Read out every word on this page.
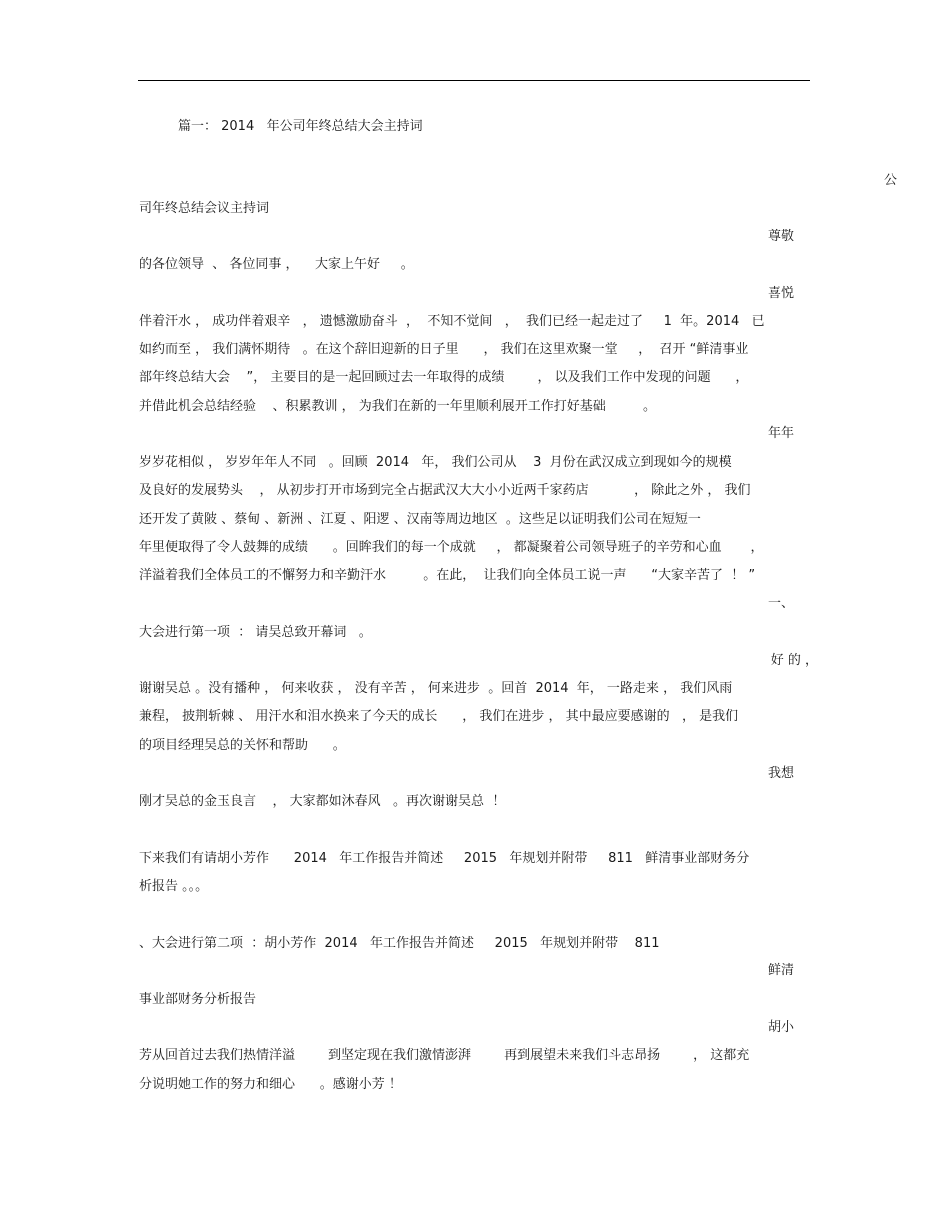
篇一： 2014   年公司年终总结大会主持词
公
司年终总结会议主持词
尊敬
的各位领导  、 各位同事 ，    大家上午好     。
喜悦
伴着汗水 ， 成功伴着艰辛   ， 遗憾激励奋斗  ，  不知不觉间   ，  我们已经一起走过了     1  年。2014   已
如约而至 ， 我们满怀期待   。在这个辞旧迎新的日子里      ， 我们在这里欢聚一堂     ，  召开 “鲜清事业
部年终总结大会    ”， 主要目的是一起回顾过去一年取得的成绩        ， 以及我们工作中发现的问题      ，
并借此机会总结经验    、积累教训 ， 为我们在新的一年里顺利展开工作打好基础         。
年年
岁岁花相似 ， 岁岁年年人不同   。回顾  2014   年， 我们公司从    3  月份在武汉成立到现如今的规模
及良好的发展势头    ， 从初步打开市场到完全占据武汉大大小小近两千家药店           ， 除此之外 ， 我们
还开发了黄陂 、蔡甸 、新洲 、江夏 、阳逻 、汉南等周边地区  。这些足以证明我们公司在短短一
年里便取得了令人鼓舞的成绩      。回眸我们的每一个成就     ， 都凝聚着公司领导班子的辛劳和心血       ，
洋溢着我们全体员工的不懈努力和辛勤汗水         。在此，  让我们向全体员工说一声      “大家辛苦了  ！ ”
一、
大会进行第一项  ： 请吴总致开幕词   。
好 的 ，
谢谢吴总 。没有播种 ， 何来收获 ， 没有辛苦 ， 何来进步  。回首  2014  年， 一路走来 ， 我们风雨
兼程， 披荆斩棘 、 用汗水和泪水换来了今天的成长      ， 我们在进步 ， 其中最应要感谢的   ， 是我们
的项目经理吴总的关怀和帮助      。
我想
刚才吴总的金玉良言    ， 大家都如沐春风   。再次谢谢吴总  ！
下来我们有请胡小芳作      2014   年工作报告并简述     2015   年规划并附带     811   鲜清事业部财务分
析报告 。。。
、大会进行第二项  ：胡小芳作  2014   年工作报告并简述     2015   年规划并附带    811
鲜清
事业部财务分析报告
胡小
芳从回首过去我们热情洋溢        到坚定现在我们激情澎湃        再到展望未来我们斗志昂扬        ， 这都充
分说明她工作的努力和细心      。感谢小芳 ！
